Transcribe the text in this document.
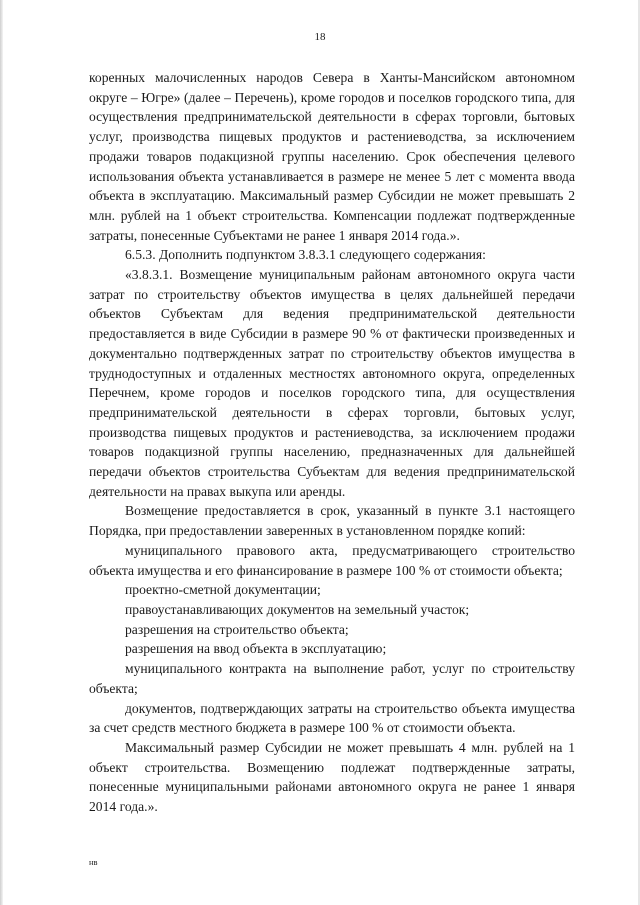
18

коренных малочисленных народов Севера в Ханты-Мансийском автономном округе – Югре» (далее – Перечень), кроме городов и поселков городского типа, для осуществления предпринимательской деятельности в сферах торговли, бытовых услуг, производства пищевых продуктов и растениеводства, за исключением продажи товаров подакцизной группы населению. Срок обеспечения целевого использования объекта устанавливается в размере не менее 5 лет с момента ввода объекта в эксплуатацию. Максимальный размер Субсидии не может превышать 2 млн. рублей на 1 объект строительства. Компенсации подлежат подтвержденные затраты, понесенные Субъектами не ранее 1 января 2014 года.».

6.5.3. Дополнить подпунктом 3.8.3.1 следующего содержания:

«3.8.3.1. Возмещение муниципальным районам автономного округа части затрат по строительству объектов имущества в целях дальнейшей передачи объектов Субъектам для ведения предпринимательской деятельности предоставляется в виде Субсидии в размере 90 % от фактически произведенных и документально подтвержденных затрат по строительству объектов имущества в труднодоступных и отдаленных местностях автономного округа, определенных Перечнем, кроме городов и поселков городского типа, для осуществления предпринимательской деятельности в сферах торговли, бытовых услуг, производства пищевых продуктов и растениеводства, за исключением продажи товаров подакцизной группы населению, предназначенных для дальнейшей передачи объектов строительства Субъектам для ведения предпринимательской деятельности на правах выкупа или аренды.

Возмещение предоставляется в срок, указанный в пункте 3.1 настоящего Порядка, при предоставлении заверенных в установленном порядке копий:

муниципального правового акта, предусматривающего строительство объекта имущества и его финансирование в размере 100 % от стоимости объекта;

проектно-сметной документации;

правоустанавливающих документов на земельный участок;

разрешения на строительство объекта;

разрешения на ввод объекта в эксплуатацию;

муниципального контракта на выполнение работ, услуг по строительству объекта;

документов, подтверждающих затраты на строительство объекта имущества за счет средств местного бюджета в размере 100 % от стоимости объекта.

Максимальный размер Субсидии не может превышать 4 млн. рублей на 1 объект строительства. Возмещению подлежат подтвержденные затраты, понесенные муниципальными районами автономного округа не ранее 1 января 2014 года.».

нв
